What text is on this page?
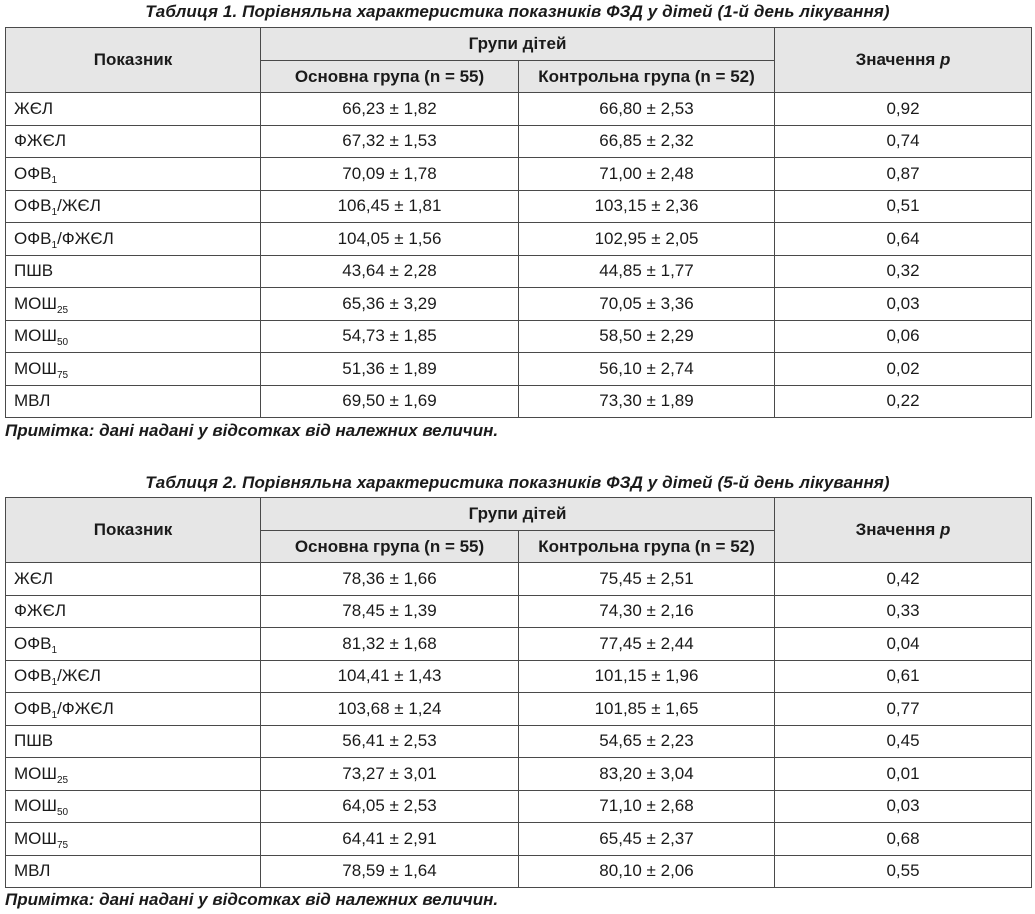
Таблиця 1. Порівняльна характеристика показників ФЗД у дітей (1-й день лікування)
Показник	Групи дітей		Значення p
	Основна група (n = 55)	Контрольна група (n = 52)	
ЖЄЛ	66,23 ± 1,82	66,80 ± 2,53	0,92
ФЖЄЛ	67,32 ± 1,53	66,85 ± 2,32	0,74
$ОФВ_1$	70,09 ± 1,78	71,00 ± 2,48	0,87
$ОФВ_1$/ЖЄЛ	106,45 ± 1,81	103,15 ± 2,36	0,51
$ОФВ_1$/ФЖЄЛ	104,05 ± 1,56	102,95 ± 2,05	0,64
ПШВ	43,64 ± 2,28	44,85 ± 1,77	0,32
$МОШ_{25}$	65,36 ± 3,29	70,05 ± 3,36	0,03
$МОШ_{50}$	54,73 ± 1,85	58,50 ± 2,29	0,06
$МОШ_{75}$	51,36 ± 1,89	56,10 ± 2,74	0,02
МВЛ	69,50 ± 1,69	73,30 ± 1,89	0,22
Примітка: дані надані у відсотках від належних величин.
Таблиця 2. Порівняльна характеристика показників ФЗД у дітей (5-й день лікування)
Показник	Групи дітей		Значення p
	Основна група (n = 55)	Контрольна група (n = 52)	
ЖЄЛ	78,36 ± 1,66	75,45 ± 2,51	0,42
ФЖЄЛ	78,45 ± 1,39	74,30 ± 2,16	0,33
$ОФВ_1$	81,32 ± 1,68	77,45 ± 2,44	0,04
$ОФВ_1$/ЖЄЛ	104,41 ± 1,43	101,15 ± 1,96	0,61
$ОФВ_1$/ФЖЄЛ	103,68 ± 1,24	101,85 ± 1,65	0,77
ПШВ	56,41 ± 2,53	54,65 ± 2,23	0,45
$МОШ_{25}$	73,27 ± 3,01	83,20 ± 3,04	0,01
$МОШ_{50}$	64,05 ± 2,53	71,10 ± 2,68	0,03
$МОШ_{75}$	64,41 ± 2,91	65,45 ± 2,37	0,68
МВЛ	78,59 ± 1,64	80,10 ± 2,06	0,55
Примітка: дані надані у відсотках від належних величин.
